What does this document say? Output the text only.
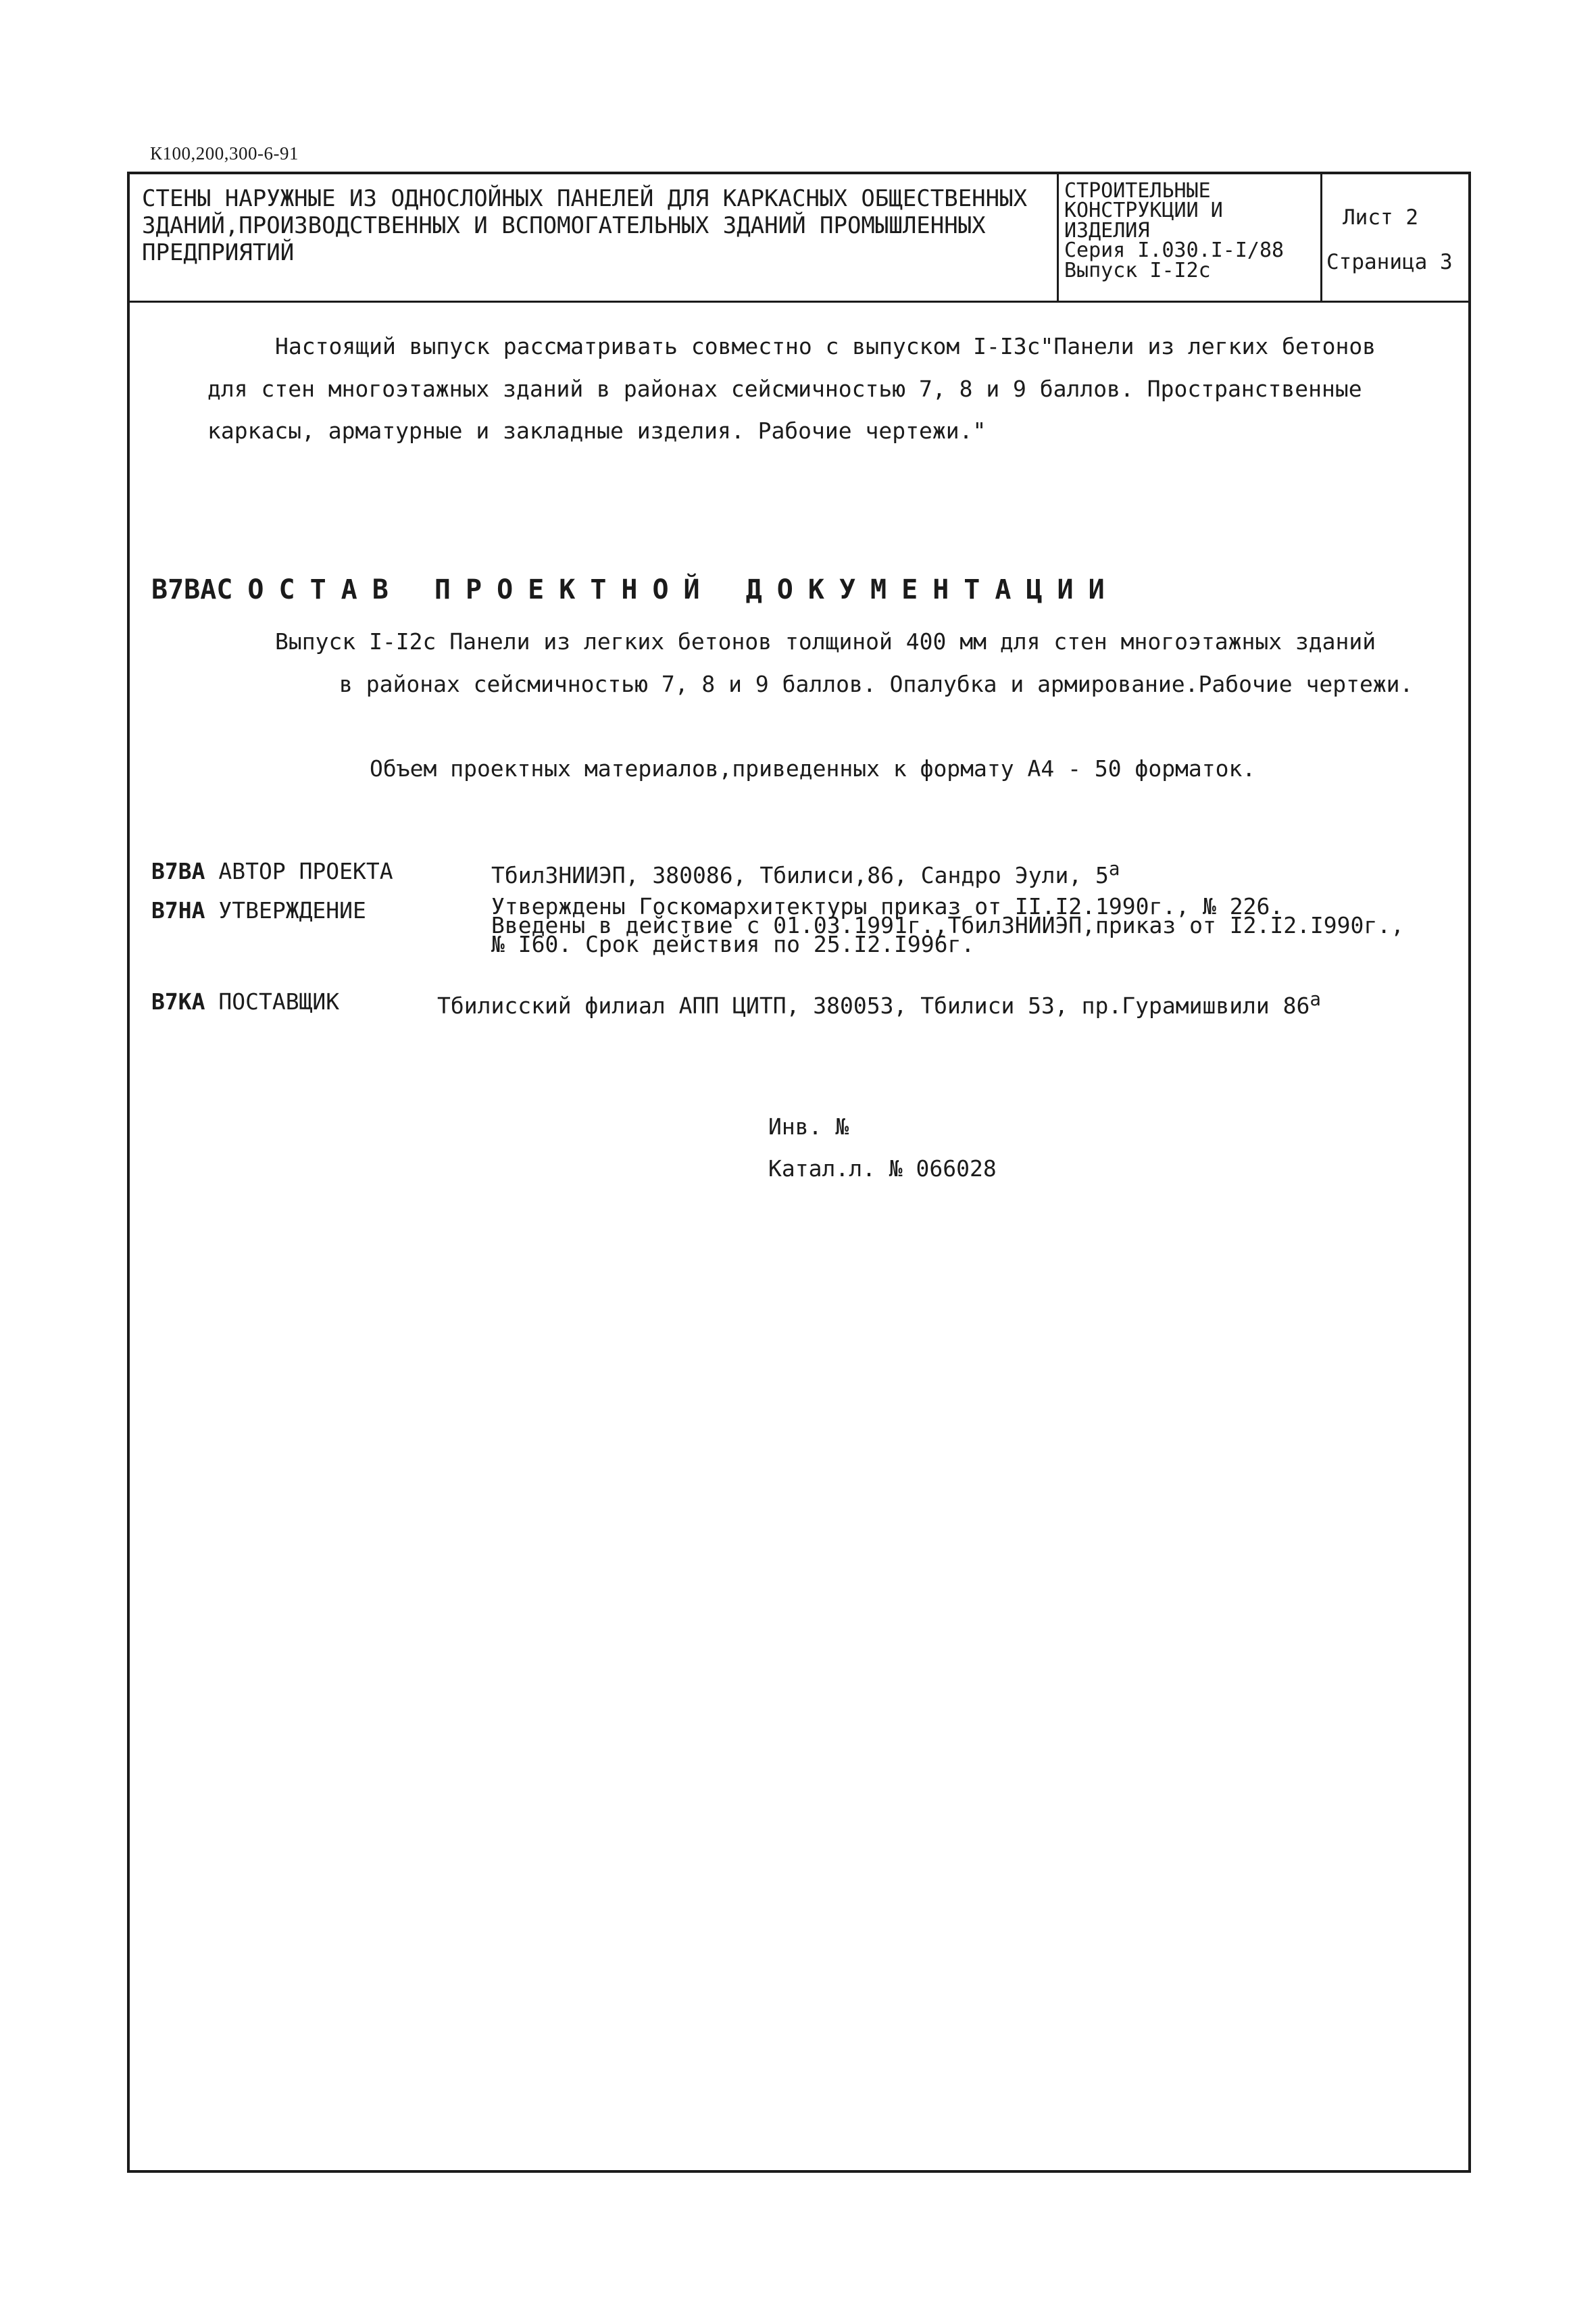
К100,200,300-6-91
СТЕНЫ НАРУЖНЫЕ ИЗ ОДНОСЛОЙНЫХ ПАНЕЛЕЙ ДЛЯ КАРКАСНЫХ ОБЩЕСТВЕННЫХ
ЗДАНИЙ,ПРОИЗВОДСТВЕННЫХ И ВСПОМОГАТЕЛЬНЫХ ЗДАНИЙ ПРОМЫШЛЕННЫХ
ПРЕДПРИЯТИЙ
СТРОИТЕЛЬНЫЕ
КОНСТРУКЦИИ И
ИЗДЕЛИЯ
Серия I.030.I-I/88
Выпуск I-I2с
Лист 2
Страница 3
Настоящий выпуск рассматривать совместно с выпуском I-I3с"Панели из легких бетонов
для стен многоэтажных зданий в районах сейсмичностью 7, 8 и 9 баллов. Пространственные
каркасы, арматурные и закладные изделия. Рабочие чертежи."
В7ВАСОСТАВ ПРОЕКТНОЙ ДОКУМЕНТАЦИИ
Выпуск I-I2с Панели из легких бетонов толщиной 400 мм для стен многоэтажных зданий
в районах сейсмичностью 7, 8 и 9 баллов. Опалубка и армирование.Рабочие чертежи.
Объем проектных материалов,приведенных к формату А4 - 50 форматок.
В7ВА АВТОР ПРОЕКТА	ТбилЗНИИЭП, 380086, Тбилиси,86, Сандро Эули, $5^а$
В7НА УТВЕРЖДЕНИЕ	Утверждены Госкомархитектуры приказ от II.I2.1990г., № 226.
Введены в действие с 01.03.1991г.,ТбилЗНИИЭП,приказ от I2.I2.I990г.,
№ I60. Срок действия по 25.I2.I996г.
В7КА ПОСТАВЩИК	Тбилисский филиал АПП ЦИТП, 380053, Тбилиси 53, пр.Гурамишвили $86^а$
Инв. №
Катал.л. № 066028
